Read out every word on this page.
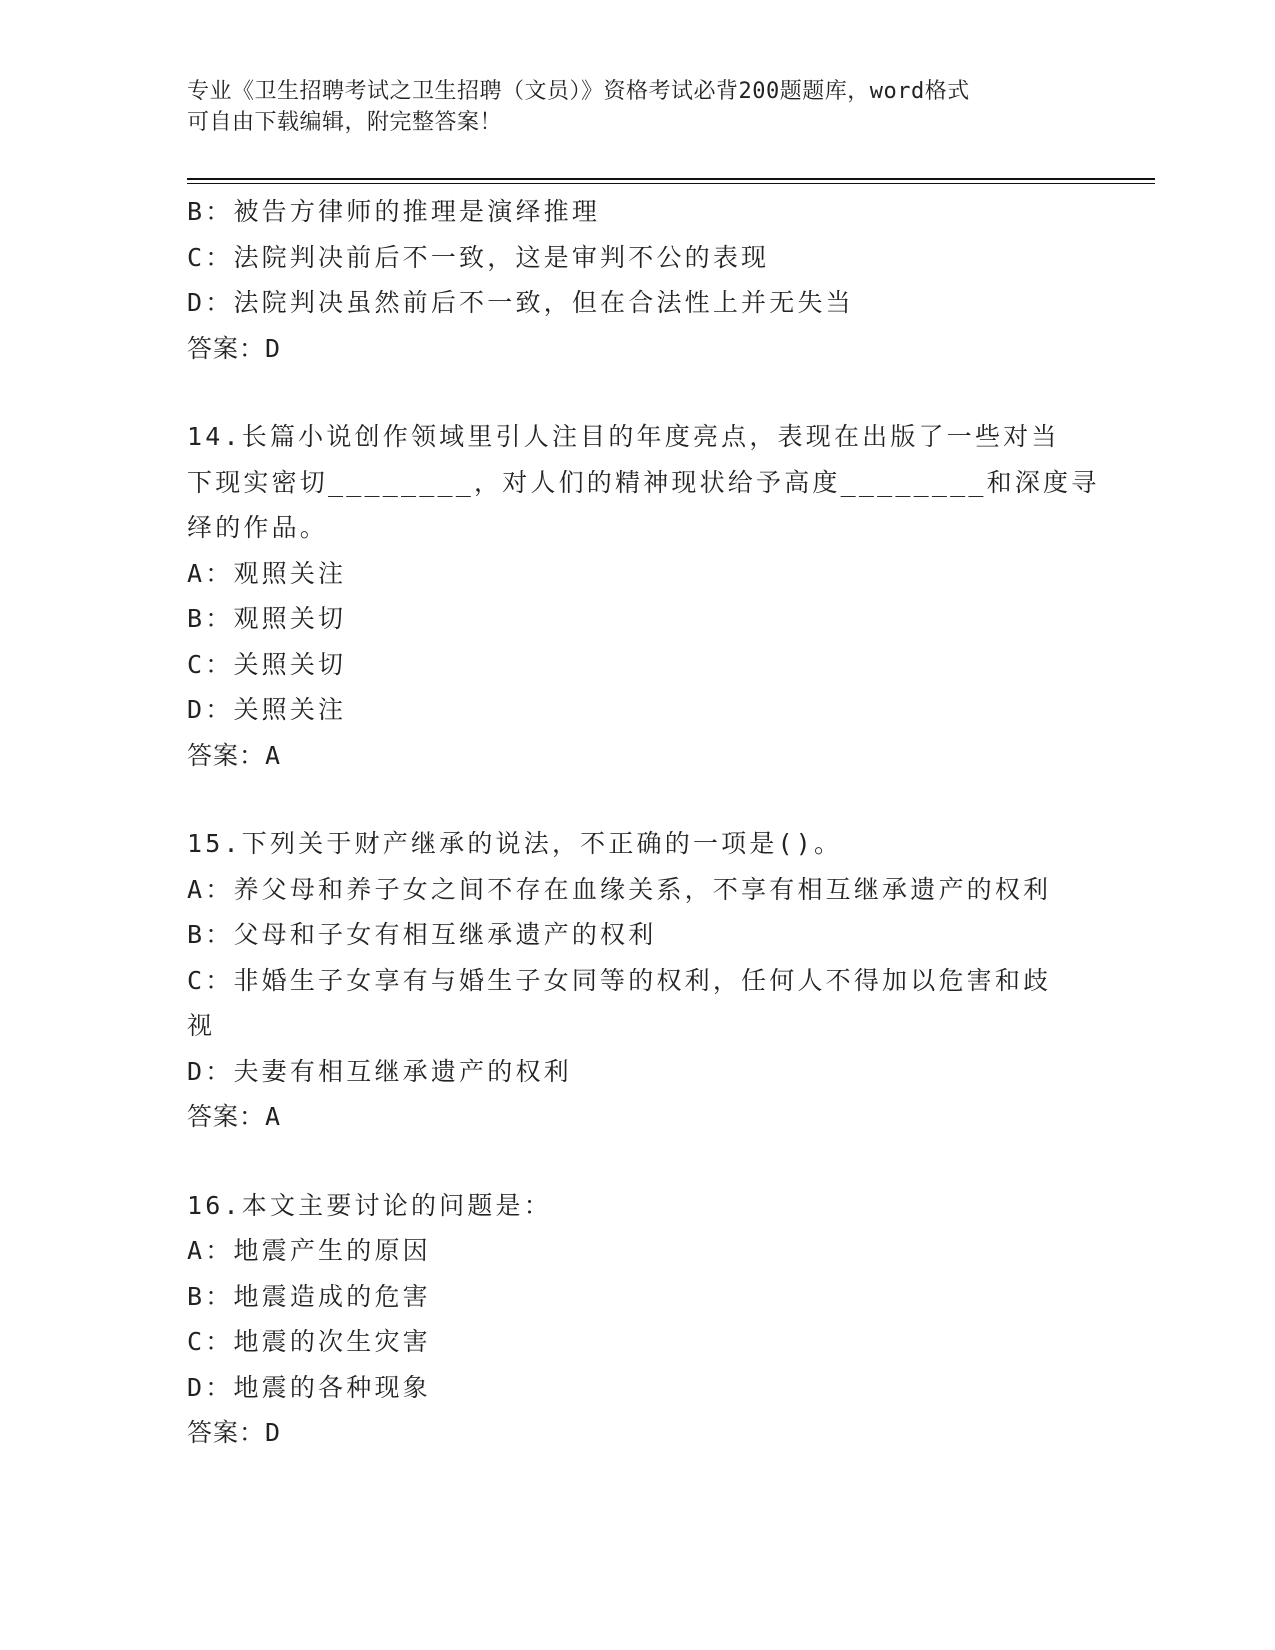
专业《卫生招聘考试之卫生招聘（文员）》资格考试必背200题题库，word格式
可自由下载编辑，附完整答案！
B：被告方律师的推理是演绎推理
C：法院判决前后不一致，这是审判不公的表现
D：法院判决虽然前后不一致，但在合法性上并无失当
答案：D
14.长篇小说创作领域里引人注目的年度亮点，表现在出版了一些对当
下现实密切________，对人们的精神现状给予高度________和深度寻
绎的作品。
A：观照关注
B：观照关切
C：关照关切
D：关照关注
答案：A
15.下列关于财产继承的说法，不正确的一项是()。
A：养父母和养子女之间不存在血缘关系，不享有相互继承遗产的权利
B：父母和子女有相互继承遗产的权利
C：非婚生子女享有与婚生子女同等的权利，任何人不得加以危害和歧
视
D：夫妻有相互继承遗产的权利
答案：A
16.本文主要讨论的问题是：
A：地震产生的原因
B：地震造成的危害
C：地震的次生灾害
D：地震的各种现象
答案：D
